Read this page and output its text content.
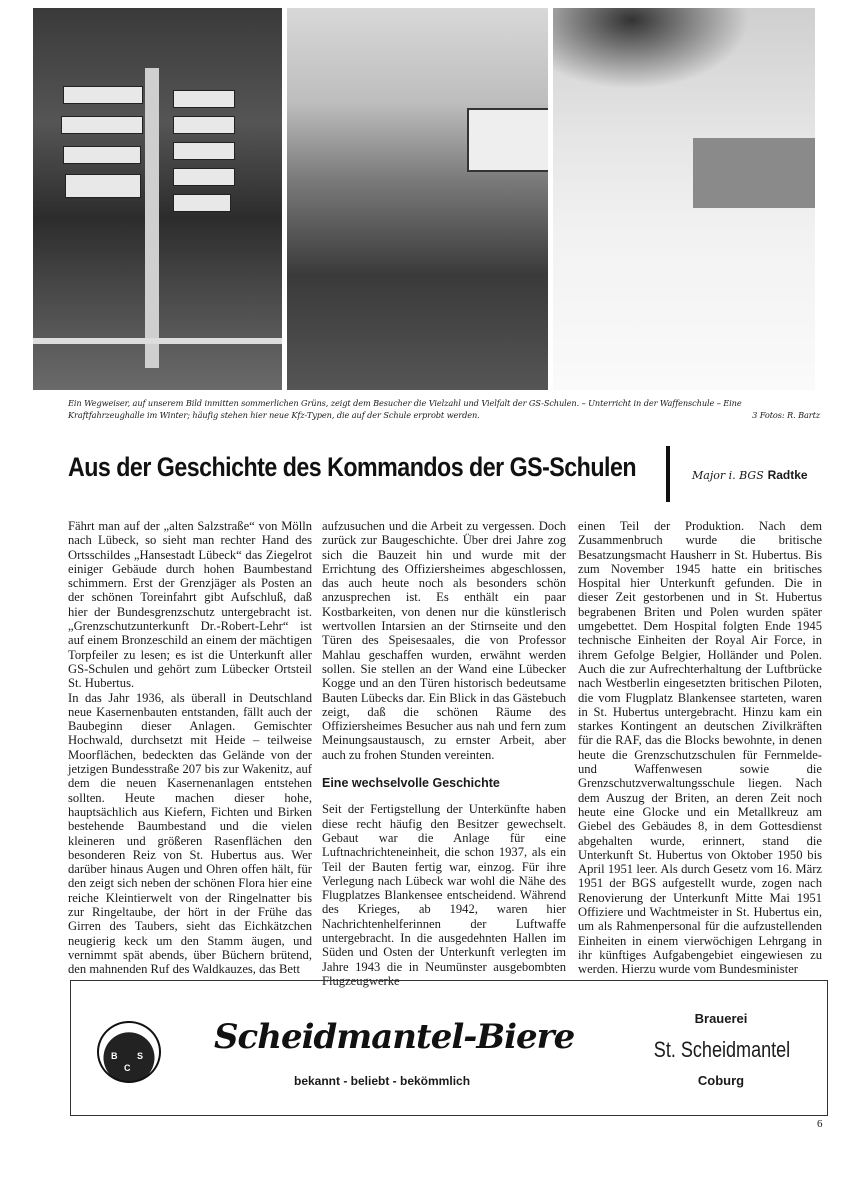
Ein Wegweiser, auf unserem Bild inmitten sommerlichen Grüns, zeigt dem Besucher die Vielzahl und Vielfalt der GS-Schulen. – Unterricht in der Waffenschule – Eine Kraftfahrzeughalle im Winter; häufig stehen hier neue Kfz-Typen, die auf der Schule erprobt werden.	3 Fotos: R. Bartz
Aus der Geschichte des Kommandos der GS-Schulen	Major i. BGS Radtke

Fährt man auf der „alten Salzstraße“ von Mölln nach Lübeck, so sieht man rechter Hand des Ortsschildes „Hansestadt Lübeck“ das Ziegelrot einiger Gebäude durch hohen Baumbestand schimmern. Erst der Grenzjäger als Posten an der schönen Toreinfahrt gibt Aufschluß, daß hier der Bundesgrenzschutz untergebracht ist. „Grenzschutzunterkunft Dr.-Robert-Lehr“ ist auf einem Bronzeschild an einem der mächtigen Torpfeiler zu lesen; es ist die Unterkunft aller GS-Schulen und gehört zum Lübecker Ortsteil St. Hubertus.

In das Jahr 1936, als überall in Deutschland neue Kasernenbauten entstanden, fällt auch der Baubeginn dieser Anlagen. Gemischter Hochwald, durchsetzt mit Heide – teilweise Moorflächen, bedeckten das Gelände von der jetzigen Bundesstraße 207 bis zur Wakenitz, auf dem die neuen Kasernenanlagen entstehen sollten. Heute machen dieser hohe, hauptsächlich aus Kiefern, Fichten und Birken bestehende Baumbestand und die vielen kleineren und größeren Rasenflächen den besonderen Reiz von St. Hubertus aus. Wer darüber hinaus Augen und Ohren offen hält, für den zeigt sich neben der schönen Flora hier eine reiche Kleintierwelt von der Ringelnatter bis zur Ringeltaube, der hört in der Frühe das Girren des Taubers, sieht das Eichkätzchen neugierig keck um den Stamm äugen, und vernimmt spät abends, über Büchern brütend, den mahnenden Ruf des Waldkauzes, das Bett

aufzusuchen und die Arbeit zu vergessen. Doch zurück zur Baugeschichte. Über drei Jahre zog sich die Bauzeit hin und wurde mit der Errichtung des Offiziersheimes abgeschlossen, das auch heute noch als besonders schön anzusprechen ist. Es enthält ein paar Kostbarkeiten, von denen nur die künstlerisch wertvollen Intarsien an der Stirnseite und den Türen des Speisesaales, die von Professor Mahlau geschaffen wurden, erwähnt werden sollen. Sie stellen an der Wand eine Lübecker Kogge und an den Türen historisch bedeutsame Bauten Lübecks dar. Ein Blick in das Gästebuch zeigt, daß die schönen Räume des Offiziersheimes Besucher aus nah und fern zum Meinungsaustausch, zu ernster Arbeit, aber auch zu frohen Stunden vereinten.

Eine wechselvolle Geschichte

Seit der Fertigstellung der Unterkünfte haben diese recht häufig den Besitzer gewechselt. Gebaut war die Anlage für eine Luftnachrichteneinheit, die schon 1937, als ein Teil der Bauten fertig war, einzog. Für ihre Verlegung nach Lübeck war wohl die Nähe des Flugplatzes Blankensee entscheidend. Während des Krieges, ab 1942, waren hier Nachrichtenhelferinnen der Luftwaffe untergebracht. In die ausgedehnten Hallen im Süden und Osten der Unterkunft verlegten im Jahre 1943 die in Neumünster ausgebombten Flugzeugwerke

einen Teil der Produktion. Nach dem Zusammenbruch wurde die britische Besatzungsmacht Hausherr in St. Hubertus. Bis zum November 1945 hatte ein britisches Hospital hier Unterkunft gefunden. Die in dieser Zeit gestorbenen und in St. Hubertus begrabenen Briten und Polen wurden später umgebettet. Dem Hospital folgten Ende 1945 technische Einheiten der Royal Air Force, in ihrem Gefolge Belgier, Holländer und Polen. Auch die zur Aufrechterhaltung der Luftbrücke nach Westberlin eingesetzten britischen Piloten, die vom Flugplatz Blankensee starteten, waren in St. Hubertus untergebracht. Hinzu kam ein starkes Kontingent an deutschen Zivilkräften für die RAF, das die Blocks bewohnte, in denen heute die Grenzschutzschulen für Fernmelde- und Waffenwesen sowie die Grenzschutzverwaltungsschule liegen. Nach dem Auszug der Briten, an deren Zeit noch heute eine Glocke und ein Metallkreuz am Giebel des Gebäudes 8, in dem Gottesdienst abgehalten wurde, erinnert, stand die Unterkunft St. Hubertus von Oktober 1950 bis April 1951 leer. Als durch Gesetz vom 16. März 1951 der BGS aufgestellt wurde, zogen nach Renovierung der Unterkunft Mitte Mai 1951 Offiziere und Wachtmeister in St. Hubertus ein, um als Rahmenpersonal für die aufzustellenden Einheiten in einem vierwöchigen Lehrgang in ihr künftiges Aufgabengebiet eingewiesen zu werden. Hierzu wurde vom Bundesminister

B S
C
Scheidmantel-Biere
bekannt - beliebt - bekömmlich
Brauerei
St. Scheidmantel
Coburg
6
